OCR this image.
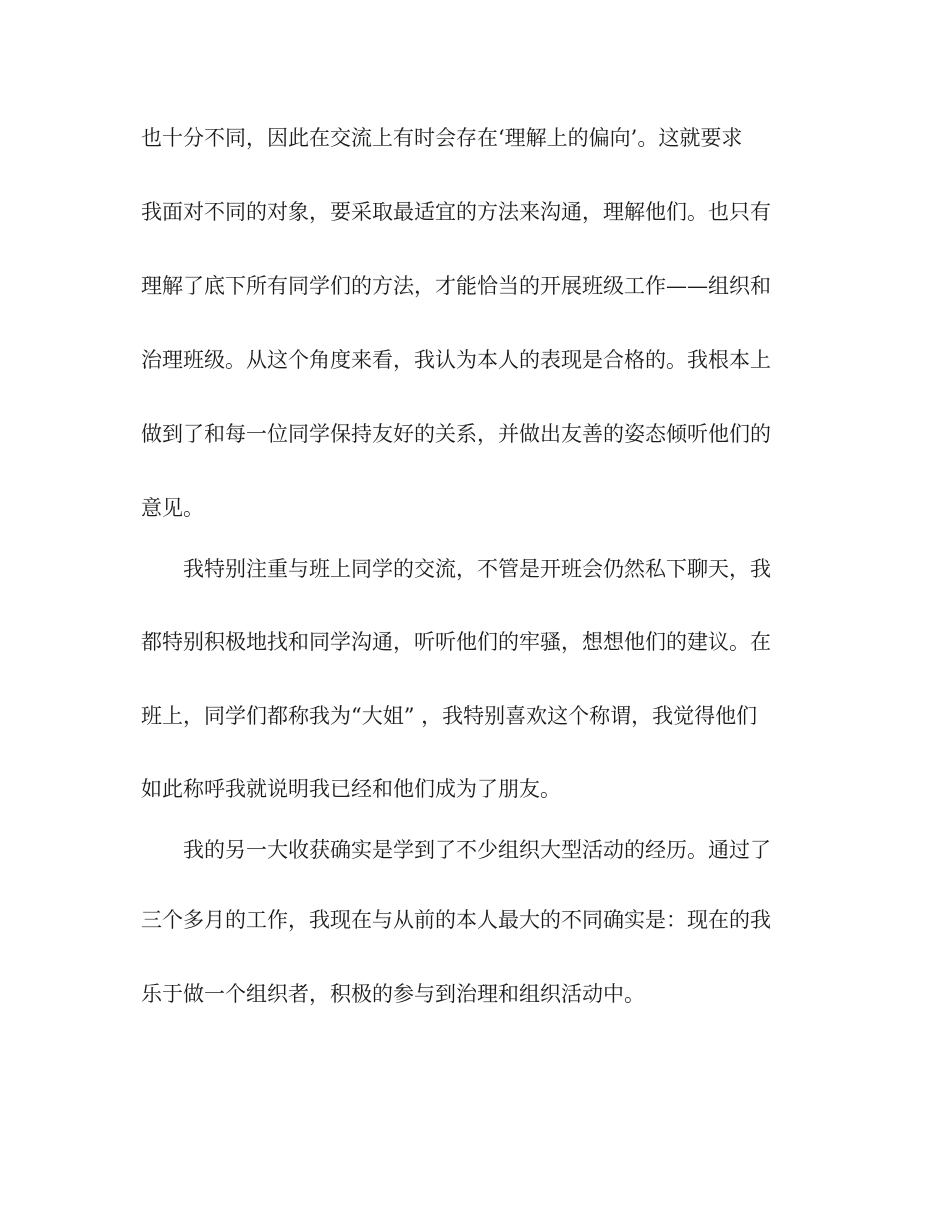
也十分不同，因此在交流上有时会存在‘理解上的偏向’。这就要求
我面对不同的对象，要采取最适宜的方法来沟通，理解他们。也只有
理解了底下所有同学们的方法，才能恰当的开展班级工作——组织和
治理班级。从这个角度来看，我认为本人的表现是合格的。我根本上
做到了和每一位同学保持友好的关系，并做出友善的姿态倾听他们的
意见。
我特别注重与班上同学的交流，不管是开班会仍然私下聊天，我
都特别积极地找和同学沟通，听听他们的牢骚，想想他们的建议。在
班上，同学们都称我为“大姐” ，我特别喜欢这个称谓，我觉得他们
如此称呼我就说明我已经和他们成为了朋友。
我的另一大收获确实是学到了不少组织大型活动的经历。通过了
三个多月的工作，我现在与从前的本人最大的不同确实是：现在的我
乐于做一个组织者，积极的参与到治理和组织活动中。
